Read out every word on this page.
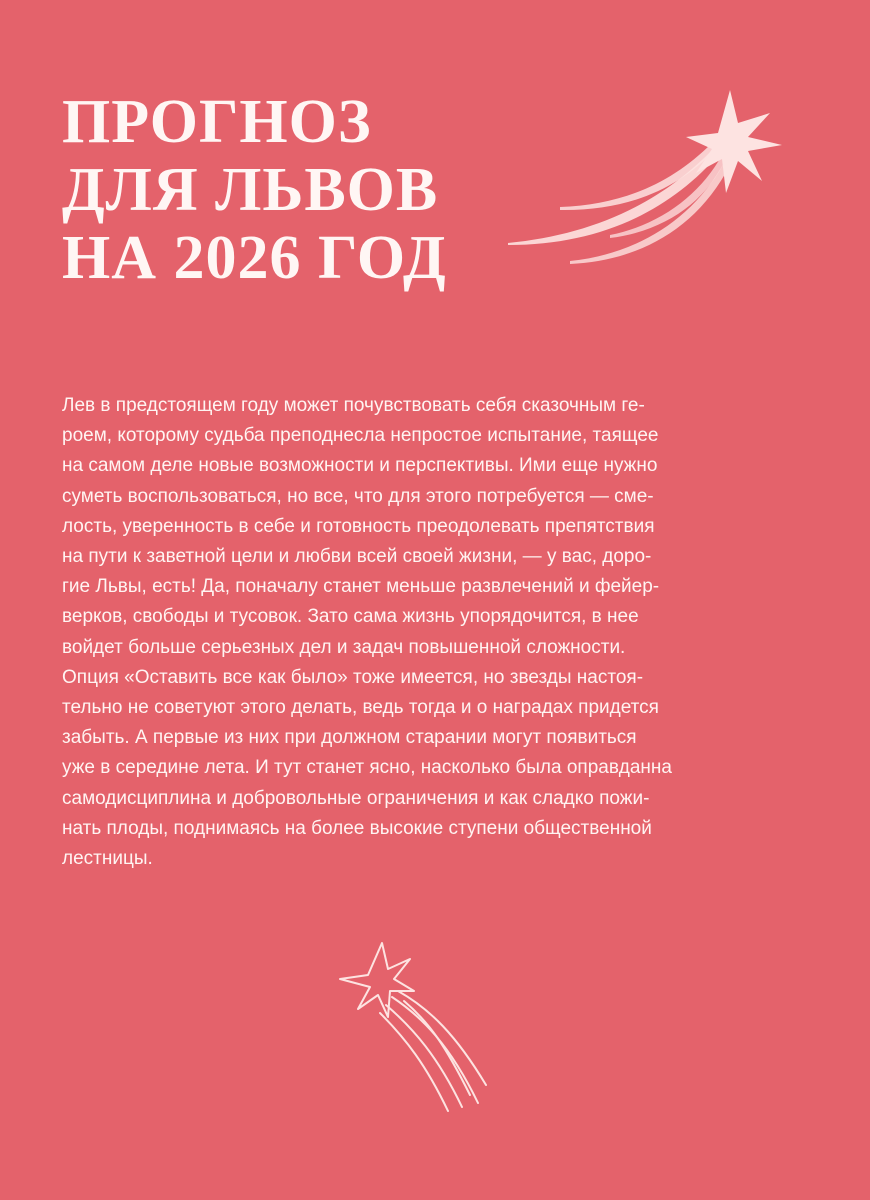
ПРОГНОЗ
ДЛЯ ЛЬВОВ
НА 2026 ГОД
Лев в предстоящем году может почувствовать себя сказочным ге-
роем, которому судьба преподнесла непростое испытание, таящее
на самом деле новые возможности и перспективы. Ими еще нужно
суметь воспользоваться, но все, что для этого потребуется — сме-
лость, уверенность в себе и готовность преодолевать препятствия
на пути к заветной цели и любви всей своей жизни, — у вас, доро-
гие Львы, есть! Да, поначалу станет меньше развлечений и фейер-
верков, свободы и тусовок. Зато сама жизнь упорядочится, в нее
войдет больше серьезных дел и задач повышенной сложности.
Опция «Оставить все как было» тоже имеется, но звезды настоя-
тельно не советуют этого делать, ведь тогда и о наградах придется
забыть. А первые из них при должном старании могут появиться
уже в середине лета. И тут станет ясно, насколько была оправданна
самодисциплина и добровольные ограничения и как сладко пожи-
нать плоды, поднимаясь на более высокие ступени общественной
лестницы.
